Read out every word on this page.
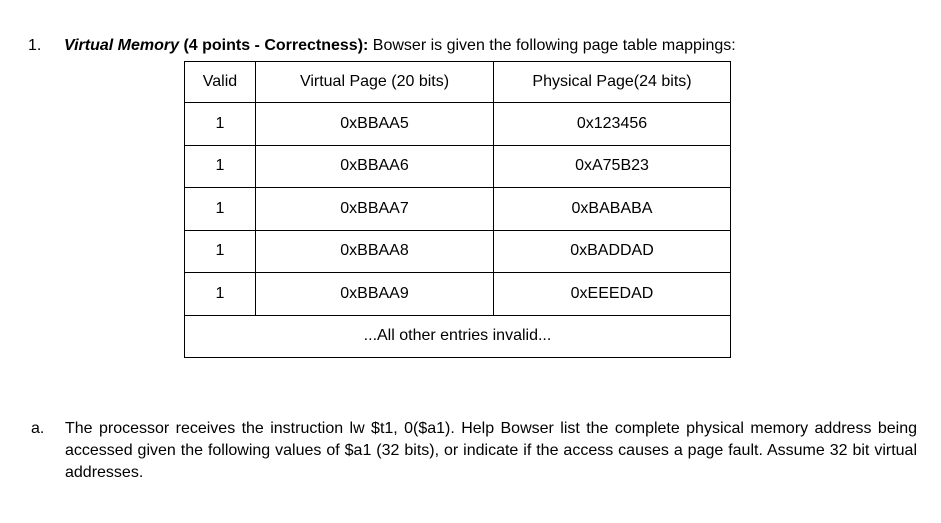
1. Virtual Memory (4 points - Correctness): Bowser is given the following page table mappings:
Valid	Virtual Page (20 bits)	Physical Page(24 bits)
1	0xBBAA5	0x123456
1	0xBBAA6	0xA75B23
1	0xBBAA7	0xBABABA
1	0xBBAA8	0xBADDAD
1	0xBBAA9	0xEEEDAD
...All other entries invalid...		
a. The processor receives the instruction lw $t1, 0($a1). Help Bowser list the complete physical memory address being accessed given the following values of $a1 (32 bits), or indicate if the access causes a page fault. Assume 32 bit virtual addresses.
